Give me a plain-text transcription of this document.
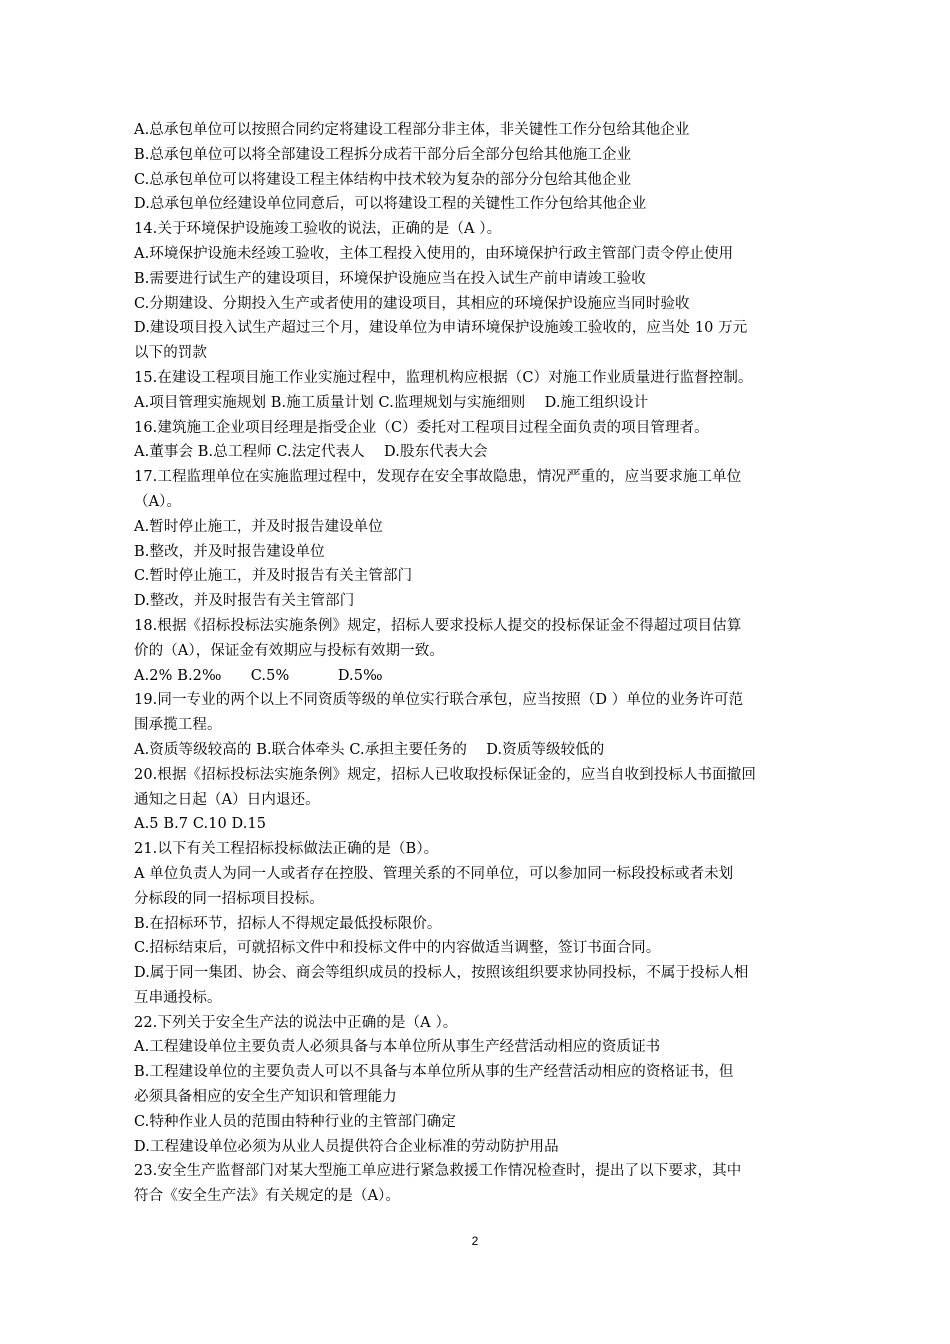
A.总承包单位可以按照合同约定将建设工程部分非主体，非关键性工作分包给其他企业
B.总承包单位可以将全部建设工程拆分成若干部分后全部分包给其他施工企业
C.总承包单位可以将建设工程主体结构中技术较为复杂的部分分包给其他企业
D.总承包单位经建设单位同意后，可以将建设工程的关键性工作分包给其他企业
14.关于环境保护设施竣工验收的说法，正确的是（A ）。
A.环境保护设施未经竣工验收，主体工程投入使用的，由环境保护行政主管部门责令停止使用
B.需要进行试生产的建设项目，环境保护设施应当在投入试生产前申请竣工验收
C.分期建设、分期投入生产或者使用的建设项目，其相应的环境保护设施应当同时验收
D.建设项目投入试生产超过三个月，建设单位为申请环境保护设施竣工验收的，应当处 10 万元
以下的罚款
15.在建设工程项目施工作业实施过程中，监理机构应根据（C）对施工作业质量进行监督控制。
A.项目管理实施规划 B.施工质量计划 C.监理规划与实施细则　 D.施工组织设计
16.建筑施工企业项目经理是指受企业（C）委托对工程项目过程全面负责的项目管理者。
A.董事会 B.总工程师 C.法定代表人　 D.股东代表大会
17.工程监理单位在实施监理过程中，发现存在安全事故隐患，情况严重的，应当要求施工单位
（A）。
A.暂时停止施工，并及时报告建设单位
B.整改，并及时报告建设单位
C.暂时停止施工，并及时报告有关主管部门
D.整改，并及时报告有关主管部门
18.根据《招标投标法实施条例》规定，招标人要求投标人提交的投标保证金不得超过项目估算
价的（A），保证金有效期应与投标有效期一致。
A.2% B.2‰　　C.5%　　　 D.5‰
19.同一专业的两个以上不同资质等级的单位实行联合承包，应当按照（D ）单位的业务许可范
围承揽工程。
A.资质等级较高的 B.联合体牵头 C.承担主要任务的　 D.资质等级较低的
20.根据《招标投标法实施条例》规定，招标人已收取投标保证金的，应当自收到投标人书面撤回
通知之日起（A）日内退还。
A.5 B.7 C.10 D.15
21.以下有关工程招标投标做法正确的是（B）。
A 单位负责人为同一人或者存在控股、管理关系的不同单位，可以参加同一标段投标或者未划
分标段的同一招标项目投标。
B.在招标环节，招标人不得规定最低投标限价。
C.招标结束后，可就招标文件中和投标文件中的内容做适当调整，签订书面合同。
D.属于同一集团、协会、商会等组织成员的投标人，按照该组织要求协同投标，不属于投标人相
互串通投标。
22.下列关于安全生产法的说法中正确的是（A ）。
A.工程建设单位主要负责人必须具备与本单位所从事生产经营活动相应的资质证书
B.工程建设单位的主要负责人可以不具备与本单位所从事的生产经营活动相应的资格证书，但
必须具备相应的安全生产知识和管理能力
C.特种作业人员的范围由特种行业的主管部门确定
D.工程建设单位必须为从业人员提供符合企业标准的劳动防护用品
23.安全生产监督部门对某大型施工单应进行紧急救援工作情况检查时，提出了以下要求，其中
符合《安全生产法》有关规定的是（A）。
2
